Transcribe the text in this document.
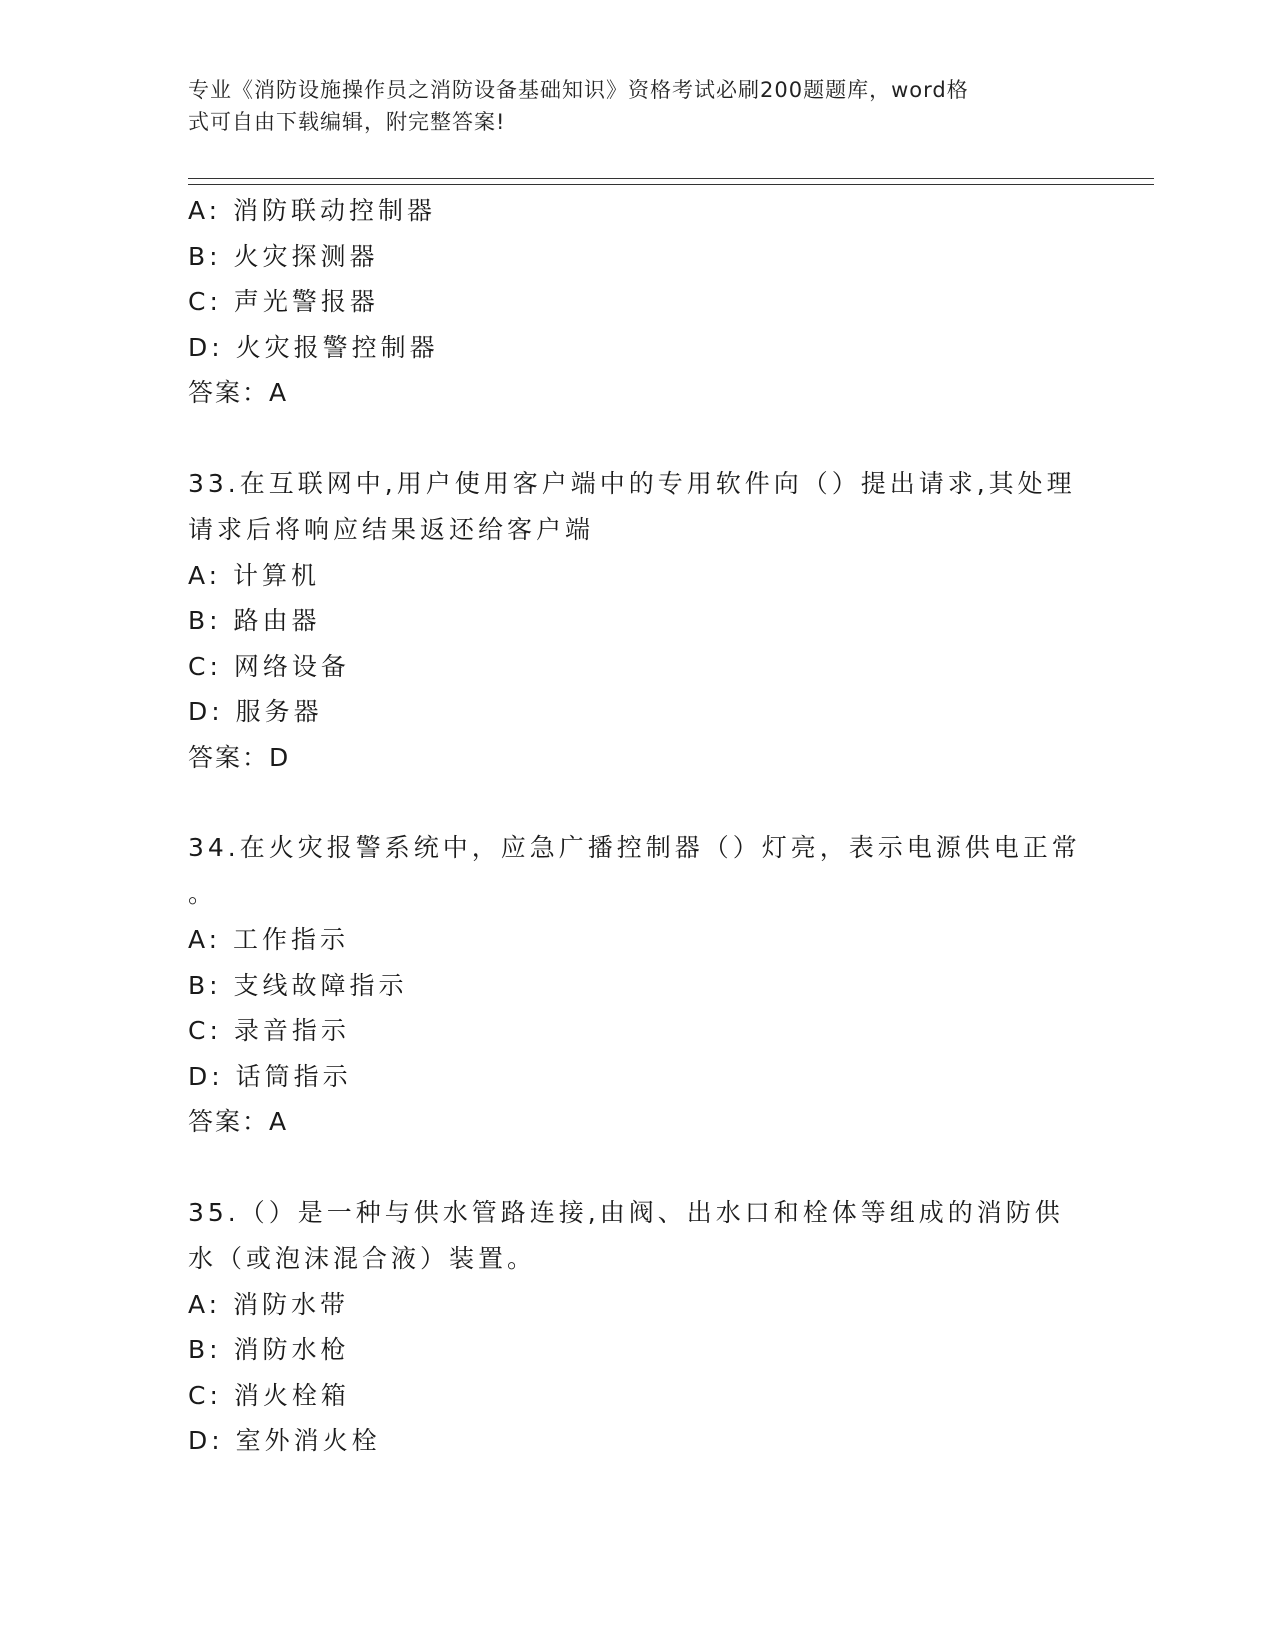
专业《消防设施操作员之消防设备基础知识》资格考试必刷200题题库，word格
式可自由下载编辑，附完整答案!
A: 消防联动控制器
B: 火灾探测器
C: 声光警报器
D: 火灾报警控制器
答案：A
33.在互联网中,用户使用客户端中的专用软件向（）提出请求,其处理
请求后将响应结果返还给客户端
A: 计算机
B: 路由器
C: 网络设备
D: 服务器
答案：D
34.在火灾报警系统中，应急广播控制器（）灯亮，表示电源供电正常
。
A: 工作指示
B: 支线故障指示
C: 录音指示
D: 话筒指示
答案：A
35.（）是一种与供水管路连接,由阀、出水口和栓体等组成的消防供
水（或泡沫混合液）装置。
A: 消防水带
B: 消防水枪
C: 消火栓箱
D: 室外消火栓
